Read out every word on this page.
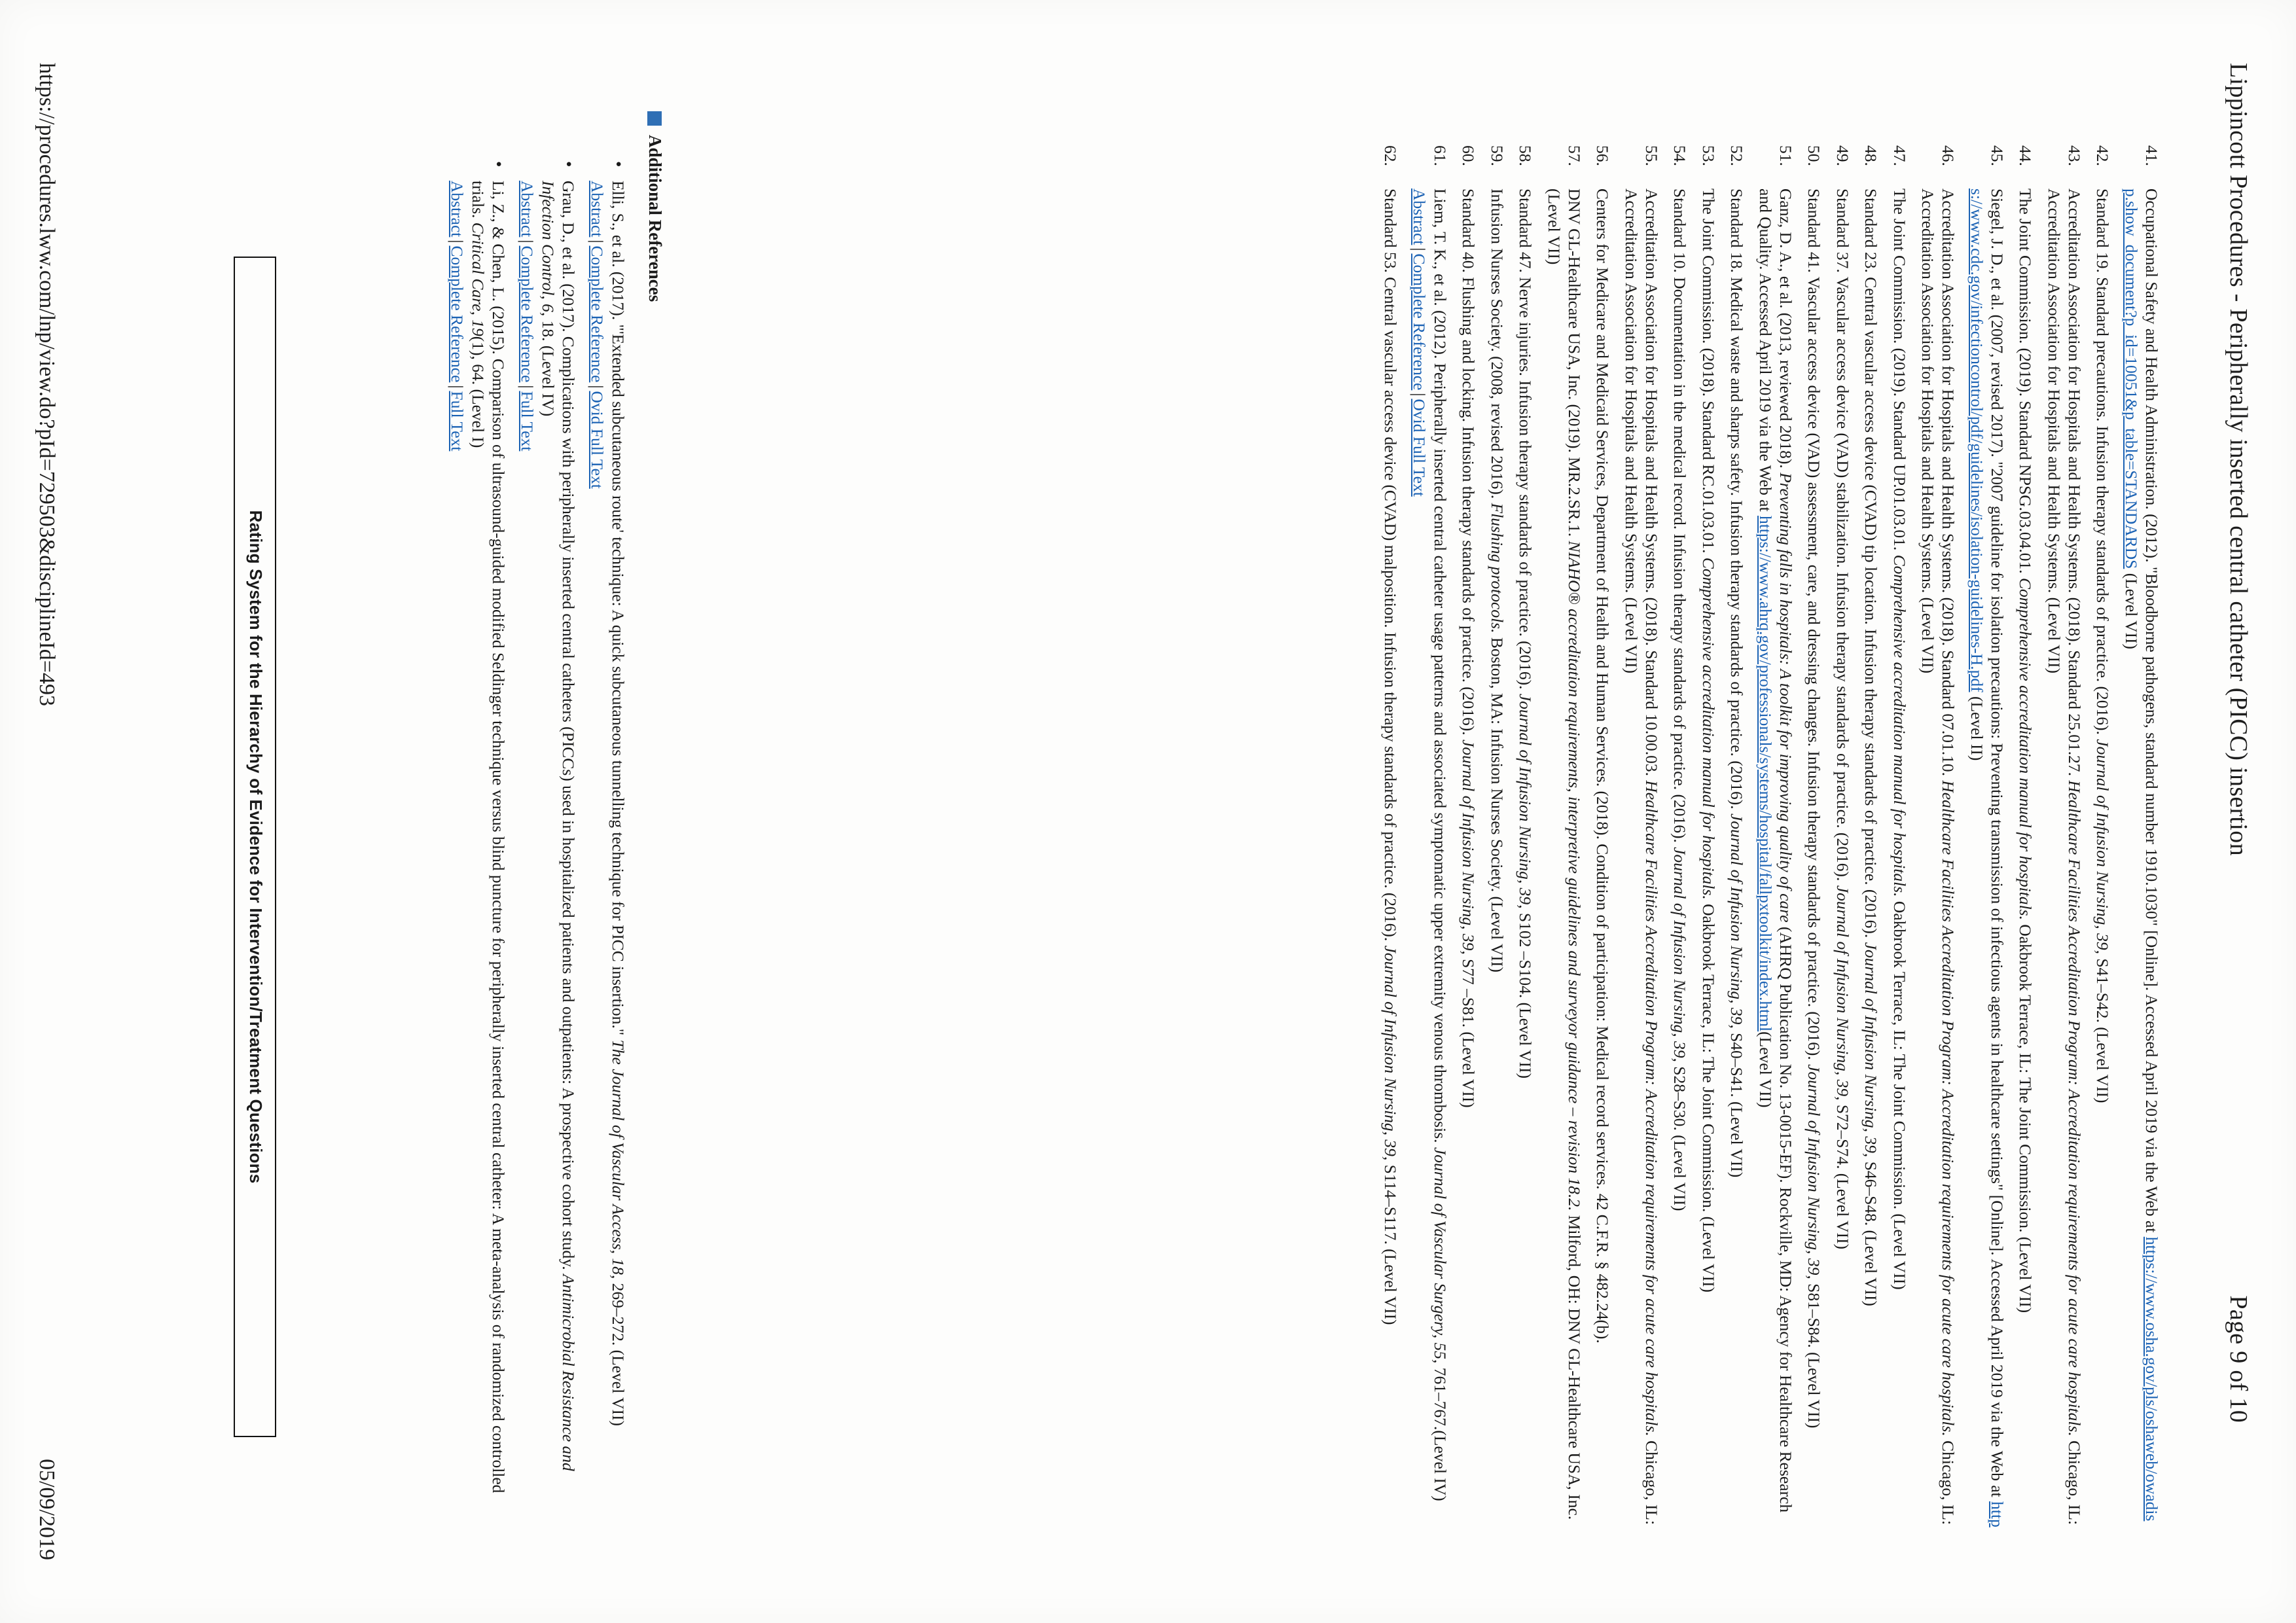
Lippincott Procedures - Peripherally inserted central catheter (PICC) insertion
Page 9 of 10
41.
Occupational Safety and Health Administration. (2012). "Bloodborne pathogens, standard number 1910.1030" [Online]. Accessed April 2019 via the Web at https://www.osha.gov/pls/oshaweb/owadisp.show_document?p_id=10051&p_table=STANDARDS (Level VII)
42.
Standard 19. Standard precautions. Infusion therapy standards of practice. (2016). Journal of Infusion Nursing, 39, S41–S42. (Level VII)
43.
Accreditation Association for Hospitals and Health Systems. (2018). Standard 25.01.27. Healthcare Facilities Accreditation Program: Accreditation requirements for acute care hospitals. Chicago, IL: Accreditation Association for Hospitals and Health Systems. (Level VII)
44.
The Joint Commission. (2019). Standard NPSG.03.04.01. Comprehensive accreditation manual for hospitals. Oakbrook Terrace, IL: The Joint Commission. (Level VII)
45.
Siegel, J. D., et al. (2007, revised 2017). "2007 guideline for isolation precautions: Preventing transmission of infectious agents in healthcare settings" [Online]. Accessed April 2019 via the Web at https://www.cdc.gov/infectioncontrol/pdf/guidelines/isolation-guidelines-H.pdf (Level II)
46.
Accreditation Association for Hospitals and Health Systems. (2018). Standard 07.01.10. Healthcare Facilities Accreditation Program: Accreditation requirements for acute care hospitals. Chicago, IL: Accreditation Association for Hospitals and Health Systems. (Level VII)
47.
The Joint Commission. (2019). Standard UP.01.03.01. Comprehensive accreditation manual for hospitals. Oakbrook Terrace, IL: The Joint Commission. (Level VII)
48.
Standard 23. Central vascular access device (CVAD) tip location. Infusion therapy standards of practice. (2016). Journal of Infusion Nursing, 39, S46–S48. (Level VII)
49.
Standard 37. Vascular access device (VAD) stabilization. Infusion therapy standards of practice. (2016). Journal of Infusion Nursing, 39, S72–S74. (Level VII)
50.
Standard 41. Vascular access device (VAD) assessment, care, and dressing changes. Infusion therapy standards of practice. (2016). Journal of Infusion Nursing, 39, S81–S84. (Level VII)
51.
Ganz, D. A., et al. (2013, reviewed 2018). Preventing falls in hospitals: A toolkit for improving quality of care (AHRQ Publication No. 13-0015-EF). Rockville, MD: Agency for Healthcare Research and Quality. Accessed April 2019 via the Web at https://www.ahrq.gov/professionals/systems/hospital/fallpxtoolkit/index.html(Level VII)
52.
Standard 18. Medical waste and sharps safety. Infusion therapy standards of practice. (2016). Journal of Infusion Nursing, 39, S40–S41. (Level VII)
53.
The Joint Commission. (2018). Standard RC.01.03.01. Comprehensive accreditation manual for hospitals. Oakbrook Terrace, IL: The Joint Commission. (Level VII)
54.
Standard 10. Documentation in the medical record. Infusion therapy standards of practice. (2016). Journal of Infusion Nursing, 39, S28–S30. (Level VII)
55.
Accreditation Association for Hospitals and Health Systems. (2018). Standard 10.00.03. Healthcare Facilities Accreditation Program: Accreditation requirements for acute care hospitals. Chicago, IL: Accreditation Association for Hospitals and Health Systems. (Level VII)
56.
Centers for Medicare and Medicaid Services, Department of Health and Human Services. (2018). Condition of participation: Medical record services. 42 C.F.R. § 482.24(b).
57.
DNV GL-Healthcare USA, Inc. (2019). MR.2.SR.1. NIAHO® accreditation requirements, interpretive guidelines and surveyor guidance – revision 18.2. Milford, OH: DNV GL-Healthcare USA, Inc. (Level VII)
58.
Standard 47. Nerve injuries. Infusion therapy standards of practice. (2016). Journal of Infusion Nursing, 39, S102 –S104. (Level VII)
59.
Infusion Nurses Society. (2008, revised 2016). Flushing protocols. Boston, MA: Infusion Nurses Society. (Level VII)
60.
Standard 40. Flushing and locking. Infusion therapy standards of practice. (2016). Journal of Infusion Nursing, 39, S77 –S81. (Level VII)
61.
Liem, T. K., et al. (2012). Peripherally inserted central catheter usage patterns and associated symptomatic upper extremity venous thrombosis. Journal of Vascular Surgery, 55, 761–767.(Level IV)
Abstract|Complete Reference|Ovid Full Text
62.
Standard 53. Central vascular access device (CVAD) malposition. Infusion therapy standards of practice. (2016). Journal of Infusion Nursing, 39, S114–S117. (Level VII)
Additional References
•
Elli, S., et al. (2017). "'Extended subcutaneous route' technique: A quick subcutaneous tunnelling technique for PICC insertion." The Journal of Vascular Access, 18, 269–272. (Level VII)
Abstract|Complete Reference|Ovid Full Text
•
Grau, D., et al. (2017). Complications with peripherally inserted central catheters (PICCs) used in hospitalized patients and outpatients: A prospective cohort study. Antimicrobial Resistance and Infection Control, 6, 18. (Level IV)
Abstract|Complete Reference|Full Text
•
Li, Z., & Chen, L. (2015). Comparison of ultrasound-guided modified Seldinger technique versus blind puncture for peripherally inserted central catheter: A meta-analysis of randomized controlled trials. Critical Care, 19(1), 64. (Level I)
Abstract|Complete Reference|Full Text
Rating System for the Hierarchy of Evidence for Intervention/Treatment Questions
https://procedures.lww.com/lnp/view.do?pId=729503&disciplineId=493
05/09/2019
